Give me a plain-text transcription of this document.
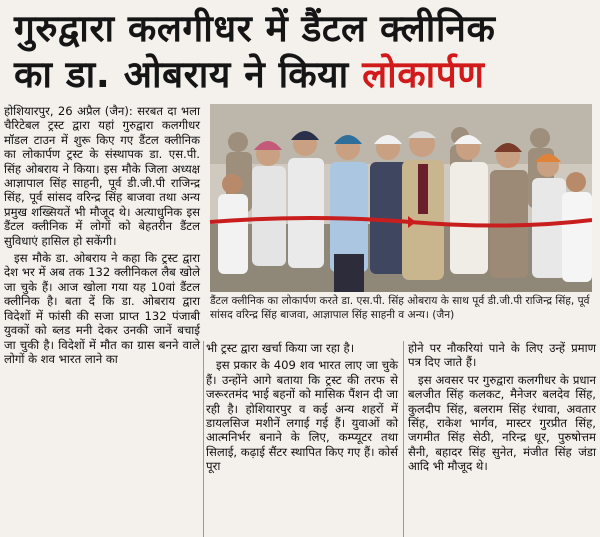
गुरुद्वारा कलगीधर में डैंटल क्लीनिक
का डा. ओबराय ने किया लोकार्पण

होशियारपुर, 26 अप्रैल (जैन): सरबत दा भला चैरिटेबल ट्रस्ट द्वारा यहां गुरुद्वारा कलगीधर मॉडल टाउन में शुरू किए गए डैंटल क्लीनिक का लोकार्पण ट्रस्ट के संस्थापक डा. एस.पी. सिंह ओबराय ने किया। इस मौके जिला अध्यक्ष आज्ञापाल सिंह साहनी, पूर्व डी.जी.पी राजिन्द्र सिंह, पूर्व सांसद वरिन्द्र सिंह बाजवा तथा अन्य प्रमुख शख्सियतें भी मौजूद थे। अत्याधुनिक इस डैंटल क्लीनिक में लोगों को बेहतरीन डैंटल सुविधाएं हासिल हो सकेंगी।

इस मौके डा. ओबराय ने कहा कि ट्रस्ट द्वारा देश भर में अब तक 132 क्लीनिकल लैब खोले जा चुके हैं। आज खोला गया यह 10वां डैंटल क्लीनिक है। बता दें कि डा. ओबराय द्वारा विदेशों में फांसी की सजा प्राप्त 132 पंजाबी युवकों को ब्लड मनी देकर उनकी जानें बचाई जा चुकी है। विदेशों में मौत का ग्रास बनने वाले लोगों के शव भारत लाने का

डैंटल क्लीनिक का लोकार्पण करते डा. एस.पी. सिंह ओबराय के साथ पूर्व डी.जी.पी राजिन्द्र सिंह, पूर्व सांसद वरिन्द्र सिंह बाजवा, आज्ञापाल सिंह साहनी व अन्य। (जैन)

भी ट्रस्ट द्वारा खर्चा किया जा रहा है।

इस प्रकार के 409 शव भारत लाए जा चुके हैं। उन्होंने आगे बताया कि ट्रस्ट की तरफ से जरूरतमंद भाई बहनों को मासिक पैंशन दी जा रही है। होशियारपुर व कई अन्य शहरों में डायलसिज मशीनें लगाई गई हैं। युवाओं को आत्मनिर्भर बनाने के लिए, कम्प्यूटर तथा सिलाई, कढ़ाई सैंटर स्थापित किए गए हैं। कोर्स पूरा

होने पर नौकरियां पाने के लिए उन्हें प्रमाण पत्र दिए जाते हैं।

इस अवसर पर गुरुद्वारा कलगीधर के प्रधान बलजीत सिंह कलकट, मैनेजर बलदेव सिंह, कुलदीप सिंह, बलराम सिंह रंधावा, अवतार सिंह, राकेश भार्गव, मास्टर गुरप्रीत सिंह, जगमीत सिंह सेठी, नरिन्द्र धूर, पुरुषोत्तम सैनी, बहादर सिंह सुनेत, मंजीत सिंह जंडा आदि भी मौजूद थे।
